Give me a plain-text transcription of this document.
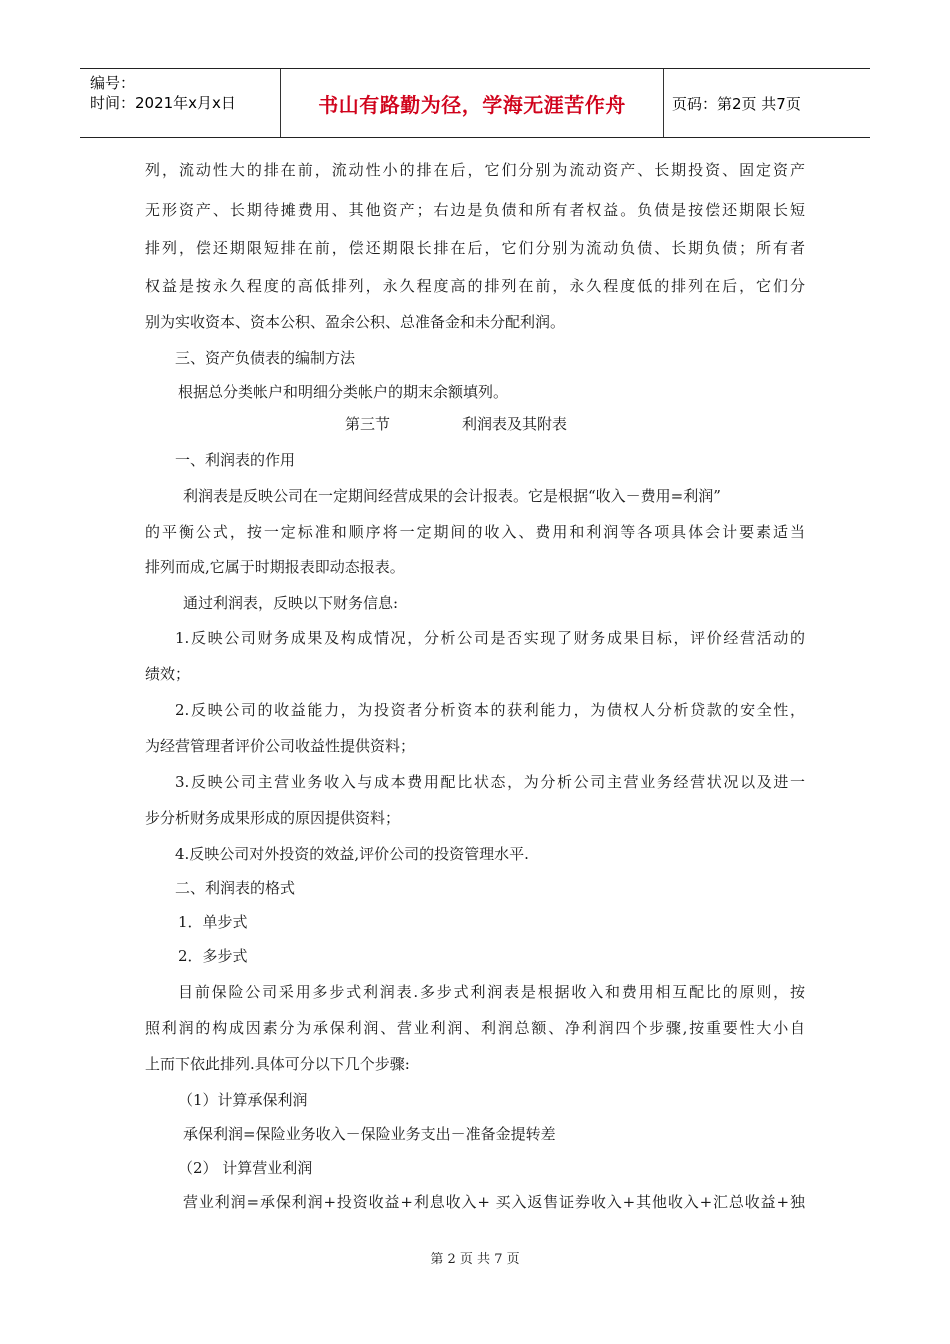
编号：
时间：2021年x月x日	书山有路勤为径，学海无涯苦作舟	页码：第2页 共7页
列，流动性大的排在前，流动性小的排在后，它们分别为流动资产、长期投资、固定资产
无形资产、长期待摊费用、其他资产；右边是负债和所有者权益。负债是按偿还期限长短
排列，偿还期限短排在前，偿还期限长排在后，它们分别为流动负债、长期负债；所有者
权益是按永久程度的高低排列，永久程度高的排列在前，永久程度低的排列在后，它们分
别为实收资本、资本公积、盈余公积、总准备金和未分配利润。
三、资产负债表的编制方法
根据总分类帐户和明细分类帐户的期末余额填列。
第三节	利润表及其附表
一、利润表的作用
利润表是反映公司在一定期间经营成果的会计报表。它是根据“收入－费用=利润”
的平衡公式，按一定标准和顺序将一定期间的收入、费用和利润等各项具体会计要素适当
排列而成,它属于时期报表即动态报表。
通过利润表，反映以下财务信息:
1.反映公司财务成果及构成情况，分析公司是否实现了财务成果目标，评价经营活动的
绩效；
2.反映公司的收益能力，为投资者分析资本的获利能力，为债权人分析贷款的安全性，
为经营管理者评价公司收益性提供资料；
3.反映公司主营业务收入与成本费用配比状态，为分析公司主营业务经营状况以及进一
步分析财务成果形成的原因提供资料；
4.反映公司对外投资的效益,评价公司的投资管理水平.
二、利润表的格式
1．单步式
2．多步式
目前保险公司采用多步式利润表.多步式利润表是根据收入和费用相互配比的原则，按
照利润的构成因素分为承保利润、营业利润、利润总额、净利润四个步骤,按重要性大小自
上而下依此排列.具体可分以下几个步骤:
（1）计算承保利润
承保利润=保险业务收入－保险业务支出－准备金提转差
（2） 计算营业利润
营业利润=承保利润+投资收益+利息收入+ 买入返售证券收入+其他收入+汇总收益+独
第 2 页 共 7 页
